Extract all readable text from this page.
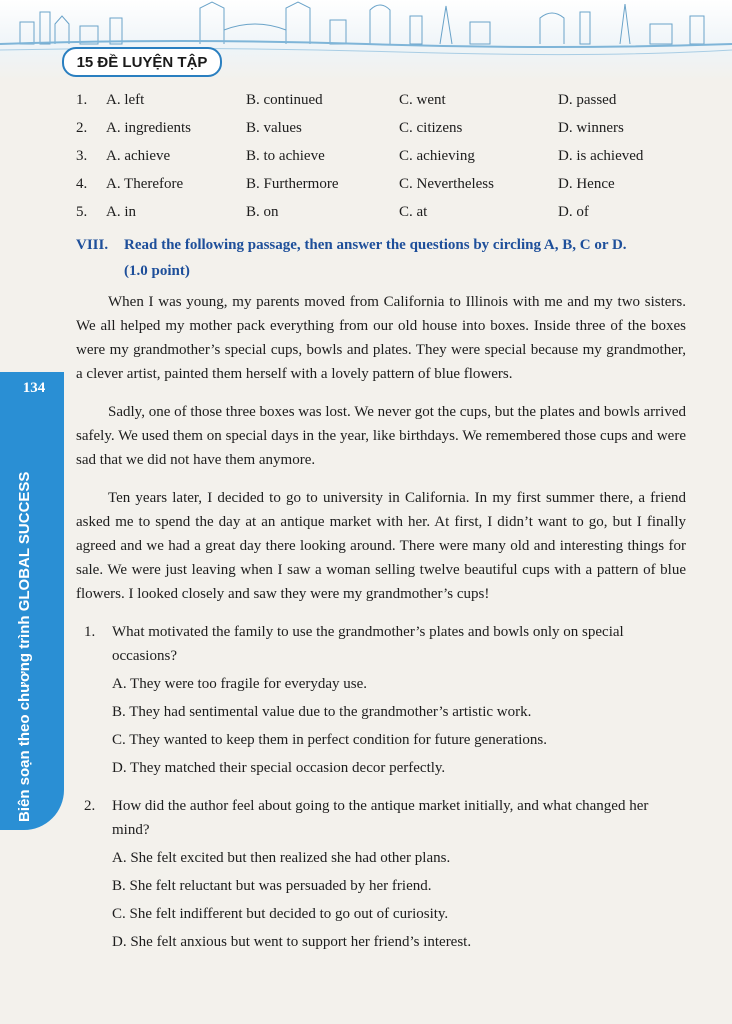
15 ĐỀ LUYỆN TẬP
134
Biên soạn theo chương trình GLOBAL SUCCESS
1. A. left	B. continued	C. went	D. passed
2. A. ingredients	B. values	C. citizens	D. winners
3. A. achieve	B. to achieve	C. achieving	D. is achieved
4. A. Therefore	B. Furthermore	C. Nevertheless	D. Hence
5. A. in	B. on	C. at	D. of
VIII. Read the following passage, then answer the questions by circling A, B, C or D.
(1.0 point)

When I was young, my parents moved from California to Illinois with me and my two sisters. We all helped my mother pack everything from our old house into boxes. Inside three of the boxes were my grandmother’s special cups, bowls and plates. They were special because my grandmother, a clever artist, painted them herself with a lovely pattern of blue flowers.

Sadly, one of those three boxes was lost. We never got the cups, but the plates and bowls arrived safely. We used them on special days in the year, like birthdays. We remembered those cups and were sad that we did not have them anymore.

Ten years later, I decided to go to university in California. In my first summer there, a friend asked me to spend the day at an antique market with her. At first, I didn’t want to go, but I finally agreed and we had a great day there looking around. There were many old and interesting things for sale. We were just leaving when I saw a woman selling twelve beautiful cups with a pattern of blue flowers. I looked closely and saw they were my grandmother’s cups!

1. What motivated the family to use the grandmother’s plates and bowls only on special occasions?
A. They were too fragile for everyday use.
B. They had sentimental value due to the grandmother’s artistic work.
C. They wanted to keep them in perfect condition for future generations.
D. They matched their special occasion decor perfectly.
2. How did the author feel about going to the antique market initially, and what changed her mind?
A. She felt excited but then realized she had other plans.
B. She felt reluctant but was persuaded by her friend.
C. She felt indifferent but decided to go out of curiosity.
D. She felt anxious but went to support her friend’s interest.
